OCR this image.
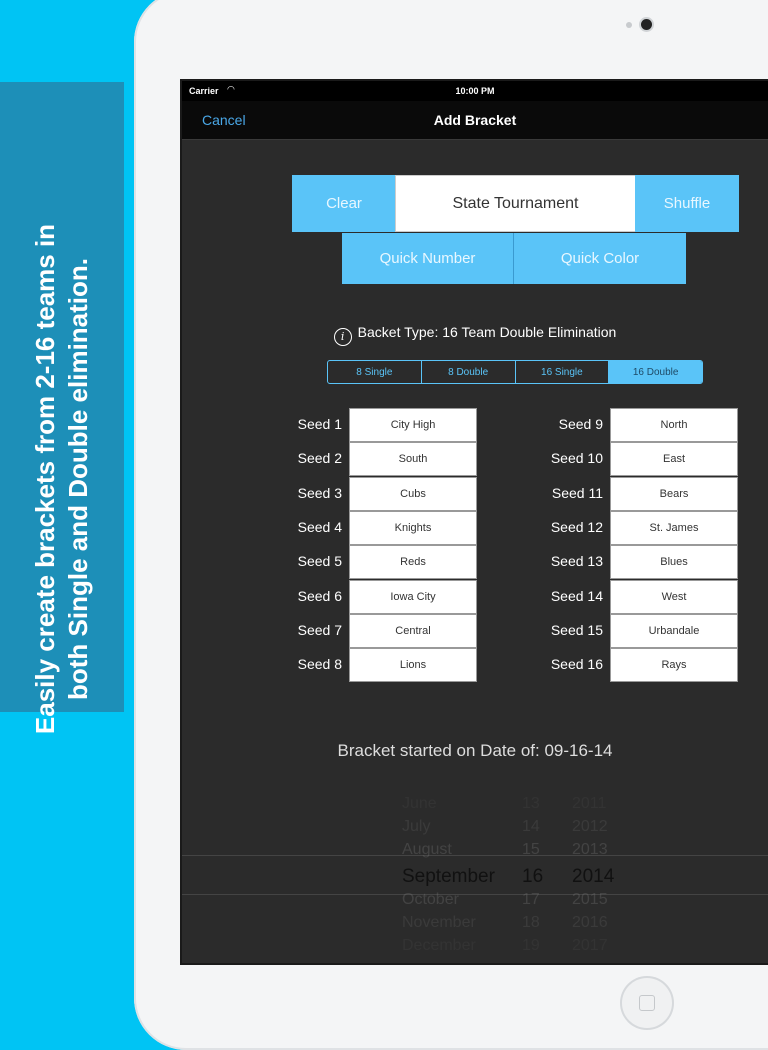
Easily create brackets from 2-16 teams in both Single and Double elimination.
Carrier ◠	10:00 PM
Cancel	Add Bracket
Clear	State Tournament	Shuffle
Quick Number	Quick Color
i Backet Type: 16 Team Double Elimination
8 Single	8 Double	16 Single	16 Double
Seed 1	City High
Seed 2	South
Seed 3	Cubs
Seed 4	Knights
Seed 5	Reds
Seed 6	Iowa City
Seed 7	Central
Seed 8	Lions
Seed 9	North
Seed 10	East
Seed 11	Bears
Seed 12	St. James
Seed 13	Blues
Seed 14	West
Seed 15	Urbandale
Seed 16	Rays
Bracket started on Date of: 09-16-14
June	13 2011
July	14 2012
August	15 2013
September 16 2014
October	17 2015
November	18 2016
December	19 2017
